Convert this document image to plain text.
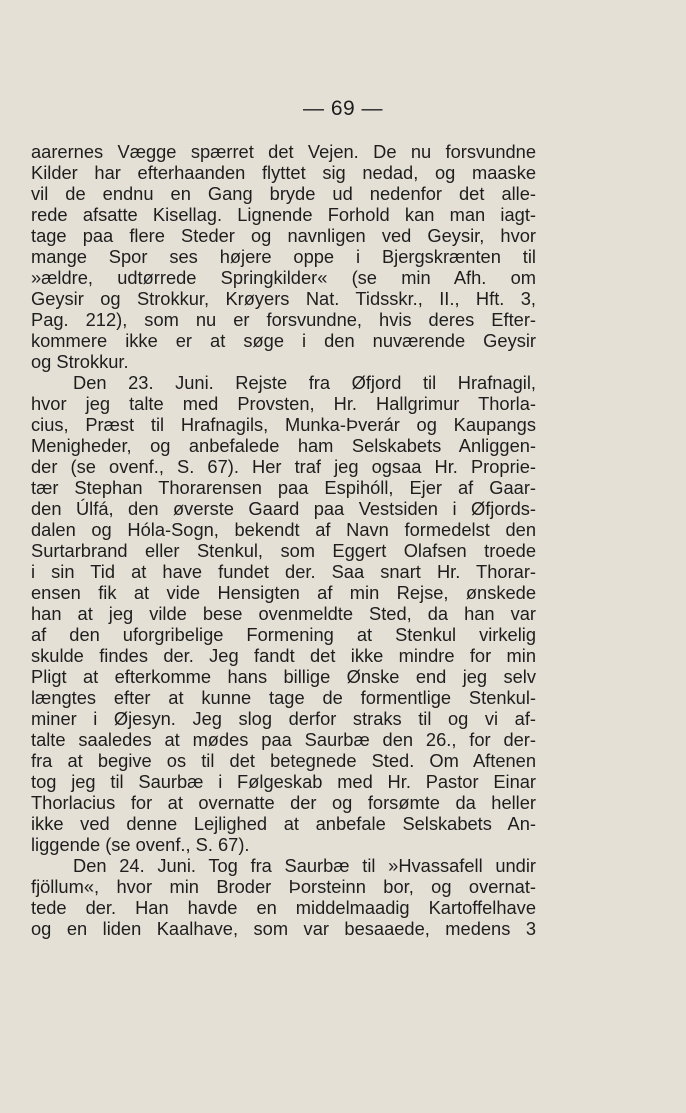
— 69 —
aarernes Vægge spærret det Vejen. De nu forsvundne
Kilder har efterhaanden flyttet sig nedad, og maaske
vil de endnu en Gang bryde ud nedenfor det alle-
rede afsatte Kisellag. Lignende Forhold kan man iagt-
tage paa flere Steder og navnligen ved Geysir, hvor
mange Spor ses højere oppe i Bjergskrænten til
»ældre, udtørrede Springkilder« (se min Afh. om
Geysir og Strokkur, Krøyers Nat. Tidsskr., II., Hft. 3,
Pag. 212), som nu er forsvundne, hvis deres Efter-
kommere ikke er at søge i den nuværende Geysir
og Strokkur.
Den 23. Juni. Rejste fra Øfjord til Hrafnagil,
hvor jeg talte med Provsten, Hr. Hallgrimur Thorla-
cius, Præst til Hrafnagils, Munka-Þverár og Kaupangs
Menigheder, og anbefalede ham Selskabets Anliggen-
der (se ovenf., S. 67). Her traf jeg ogsaa Hr. Proprie-
tær Stephan Thorarensen paa Espihóll, Ejer af Gaar-
den Úlfá, den øverste Gaard paa Vestsiden i Øfjords-
dalen og Hóla-Sogn, bekendt af Navn formedelst den
Surtarbrand eller Stenkul, som Eggert Olafsen troede
i sin Tid at have fundet der. Saa snart Hr. Thorar-
ensen fik at vide Hensigten af min Rejse, ønskede
han at jeg vilde bese ovenmeldte Sted, da han var
af den uforgribelige Formening at Stenkul virkelig
skulde findes der. Jeg fandt det ikke mindre for min
Pligt at efterkomme hans billige Ønske end jeg selv
længtes efter at kunne tage de formentlige Stenkul-
miner i Øjesyn. Jeg slog derfor straks til og vi af-
talte saaledes at mødes paa Saurbæ den 26., for der-
fra at begive os til det betegnede Sted. Om Aftenen
tog jeg til Saurbæ i Følgeskab med Hr. Pastor Einar
Thorlacius for at overnatte der og forsømte da heller
ikke ved denne Lejlighed at anbefale Selskabets An-
liggende (se ovenf., S. 67).
Den 24. Juni. Tog fra Saurbæ til »Hvassafell undir
fjöllum«, hvor min Broder Þorsteinn bor, og overnat-
tede der. Han havde en middelmaadig Kartoffelhave
og en liden Kaalhave, som var besaaede, medens 3
